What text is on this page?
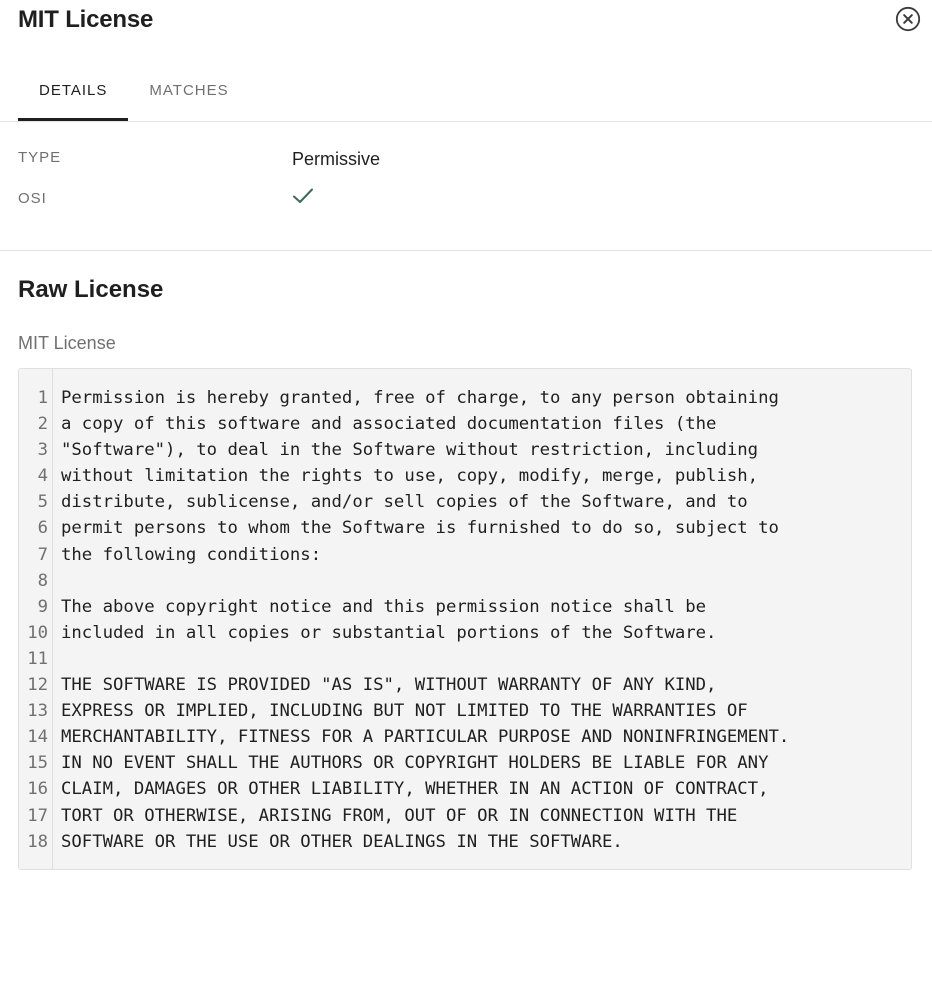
MIT License
DETAILS	MATCHES
TYPE	Permissive
OSI
Raw License
MIT License
1 Permission is hereby granted, free of charge, to any person obtaining
2 a copy of this software and associated documentation files (the
3 "Software"), to deal in the Software without restriction, including
4 without limitation the rights to use, copy, modify, merge, publish,
5 distribute, sublicense, and/or sell copies of the Software, and to
6 permit persons to whom the Software is furnished to do so, subject to
7 the following conditions:
8
9 The above copyright notice and this permission notice shall be
10 included in all copies or substantial portions of the Software.
11
12 THE SOFTWARE IS PROVIDED "AS IS", WITHOUT WARRANTY OF ANY KIND,
13 EXPRESS OR IMPLIED, INCLUDING BUT NOT LIMITED TO THE WARRANTIES OF
14 MERCHANTABILITY, FITNESS FOR A PARTICULAR PURPOSE AND NONINFRINGEMENT.
15 IN NO EVENT SHALL THE AUTHORS OR COPYRIGHT HOLDERS BE LIABLE FOR ANY
16 CLAIM, DAMAGES OR OTHER LIABILITY, WHETHER IN AN ACTION OF CONTRACT,
17 TORT OR OTHERWISE, ARISING FROM, OUT OF OR IN CONNECTION WITH THE
18 SOFTWARE OR THE USE OR OTHER DEALINGS IN THE SOFTWARE.
